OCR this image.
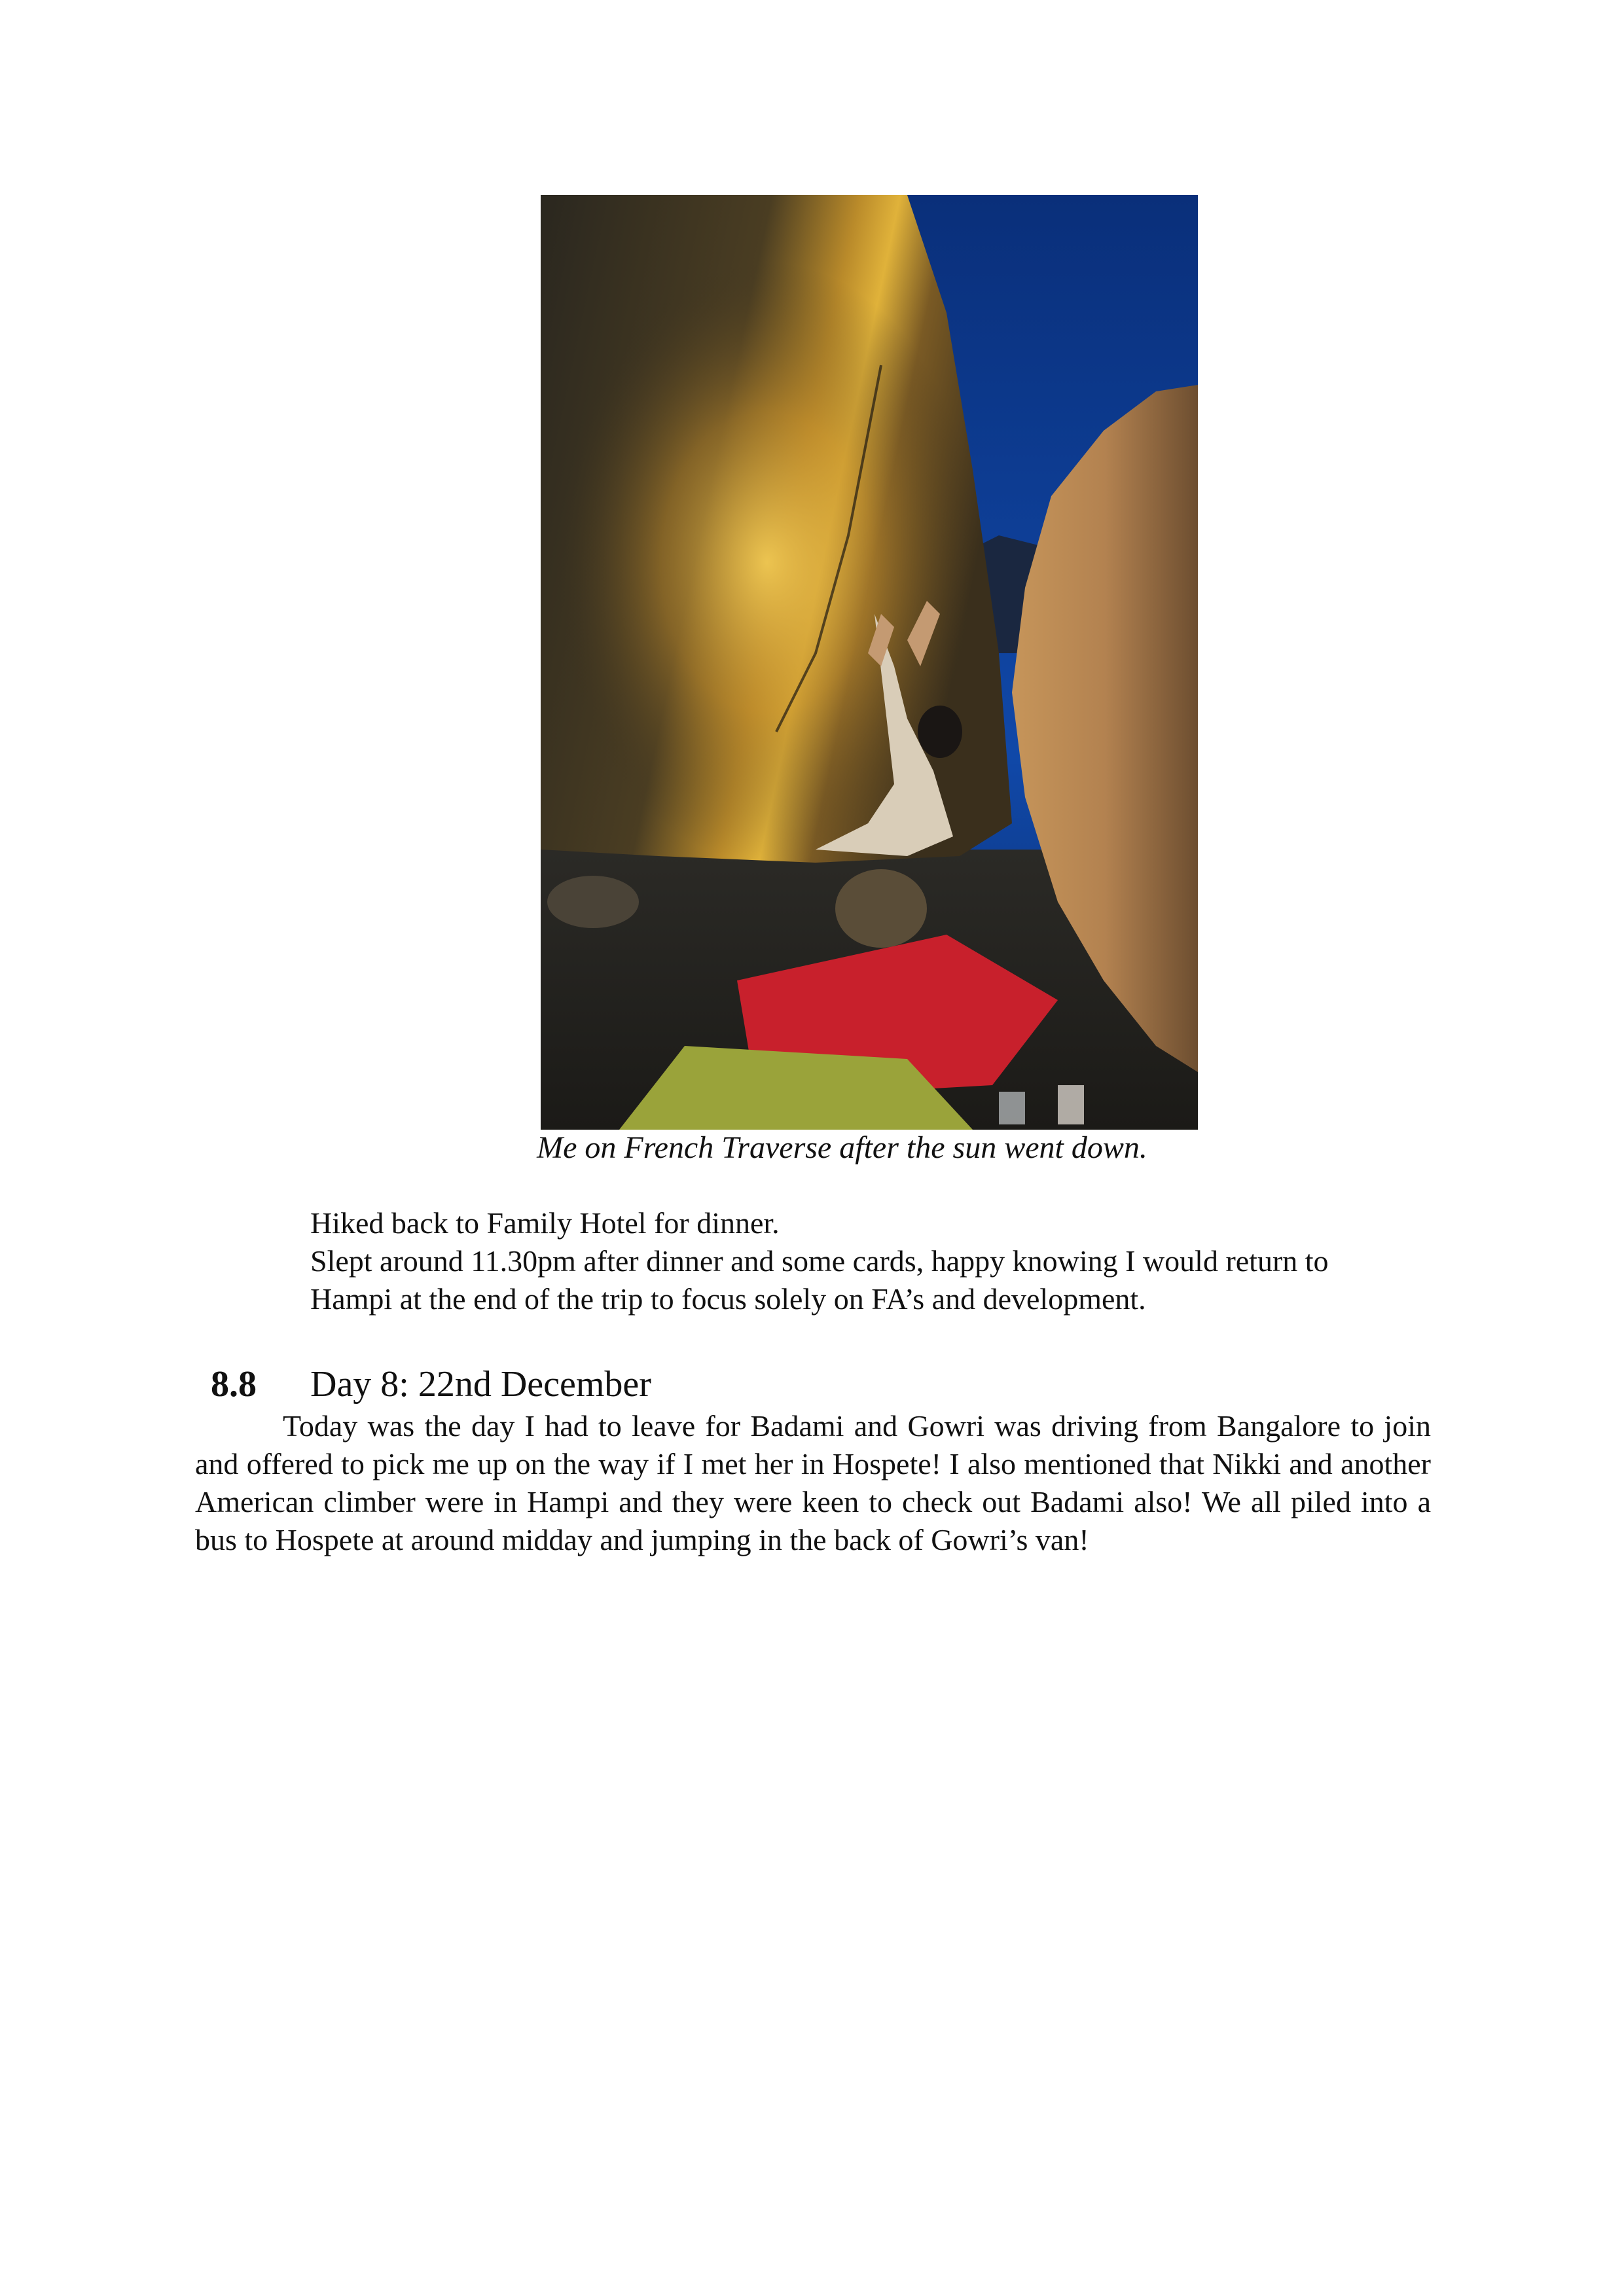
Me on French Traverse after the sun went down.

Hiked back to Family Hotel for dinner.

Slept around 11.30pm after dinner and some cards, happy knowing I would return to

Hampi at the end of the trip to focus solely on FA’s and development.

8.8 Day 8: 22nd December

Today was the day I had to leave for Badami and Gowri was driving from Bangalore to join and offered to pick me up on the way if I met her in Hospete! I also mentioned that Nikki and another American climber were in Hampi and they were keen to check out Badami also! We all piled into a bus to Hospete at around midday and jumping in the back of Gowri’s van!
